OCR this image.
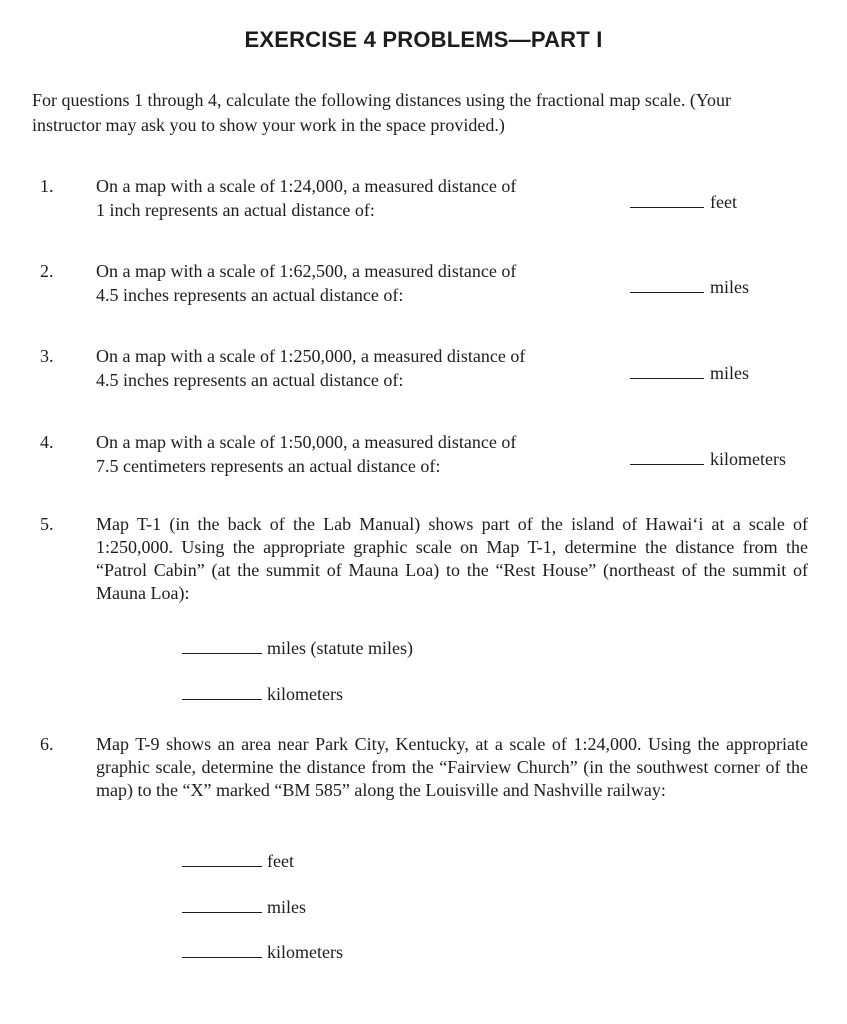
EXERCISE 4 PROBLEMS—PART I
For questions 1 through 4, calculate the following distances using the fractional map scale. (Your instructor may ask you to show your work in the space provided.)
1. On a map with a scale of 1:24,000, a measured distance of
1 inch represents an actual distance of:	feet
2. On a map with a scale of 1:62,500, a measured distance of
4.5 inches represents an actual distance of:	miles
3. On a map with a scale of 1:250,000, a measured distance of
4.5 inches represents an actual distance of:	miles
4. On a map with a scale of 1:50,000, a measured distance of
7.5 centimeters represents an actual distance of:	kilometers
5. Map T-1 (in the back of the Lab Manual) shows part of the island of Hawai‘i at a scale of 1:250,000. Using the appropriate graphic scale on Map T-1, determine the distance from the “Patrol Cabin” (at the summit of Mauna Loa) to the “Rest House” (northeast of the summit of Mauna Loa):
miles (statute miles)
kilometers
6. Map T-9 shows an area near Park City, Kentucky, at a scale of 1:24,000. Using the appropriate graphic scale, determine the distance from the “Fairview Church” (in the southwest corner of the map) to the “X” marked “BM 585” along the Louisville and Nashville railway:
feet
miles
kilometers
